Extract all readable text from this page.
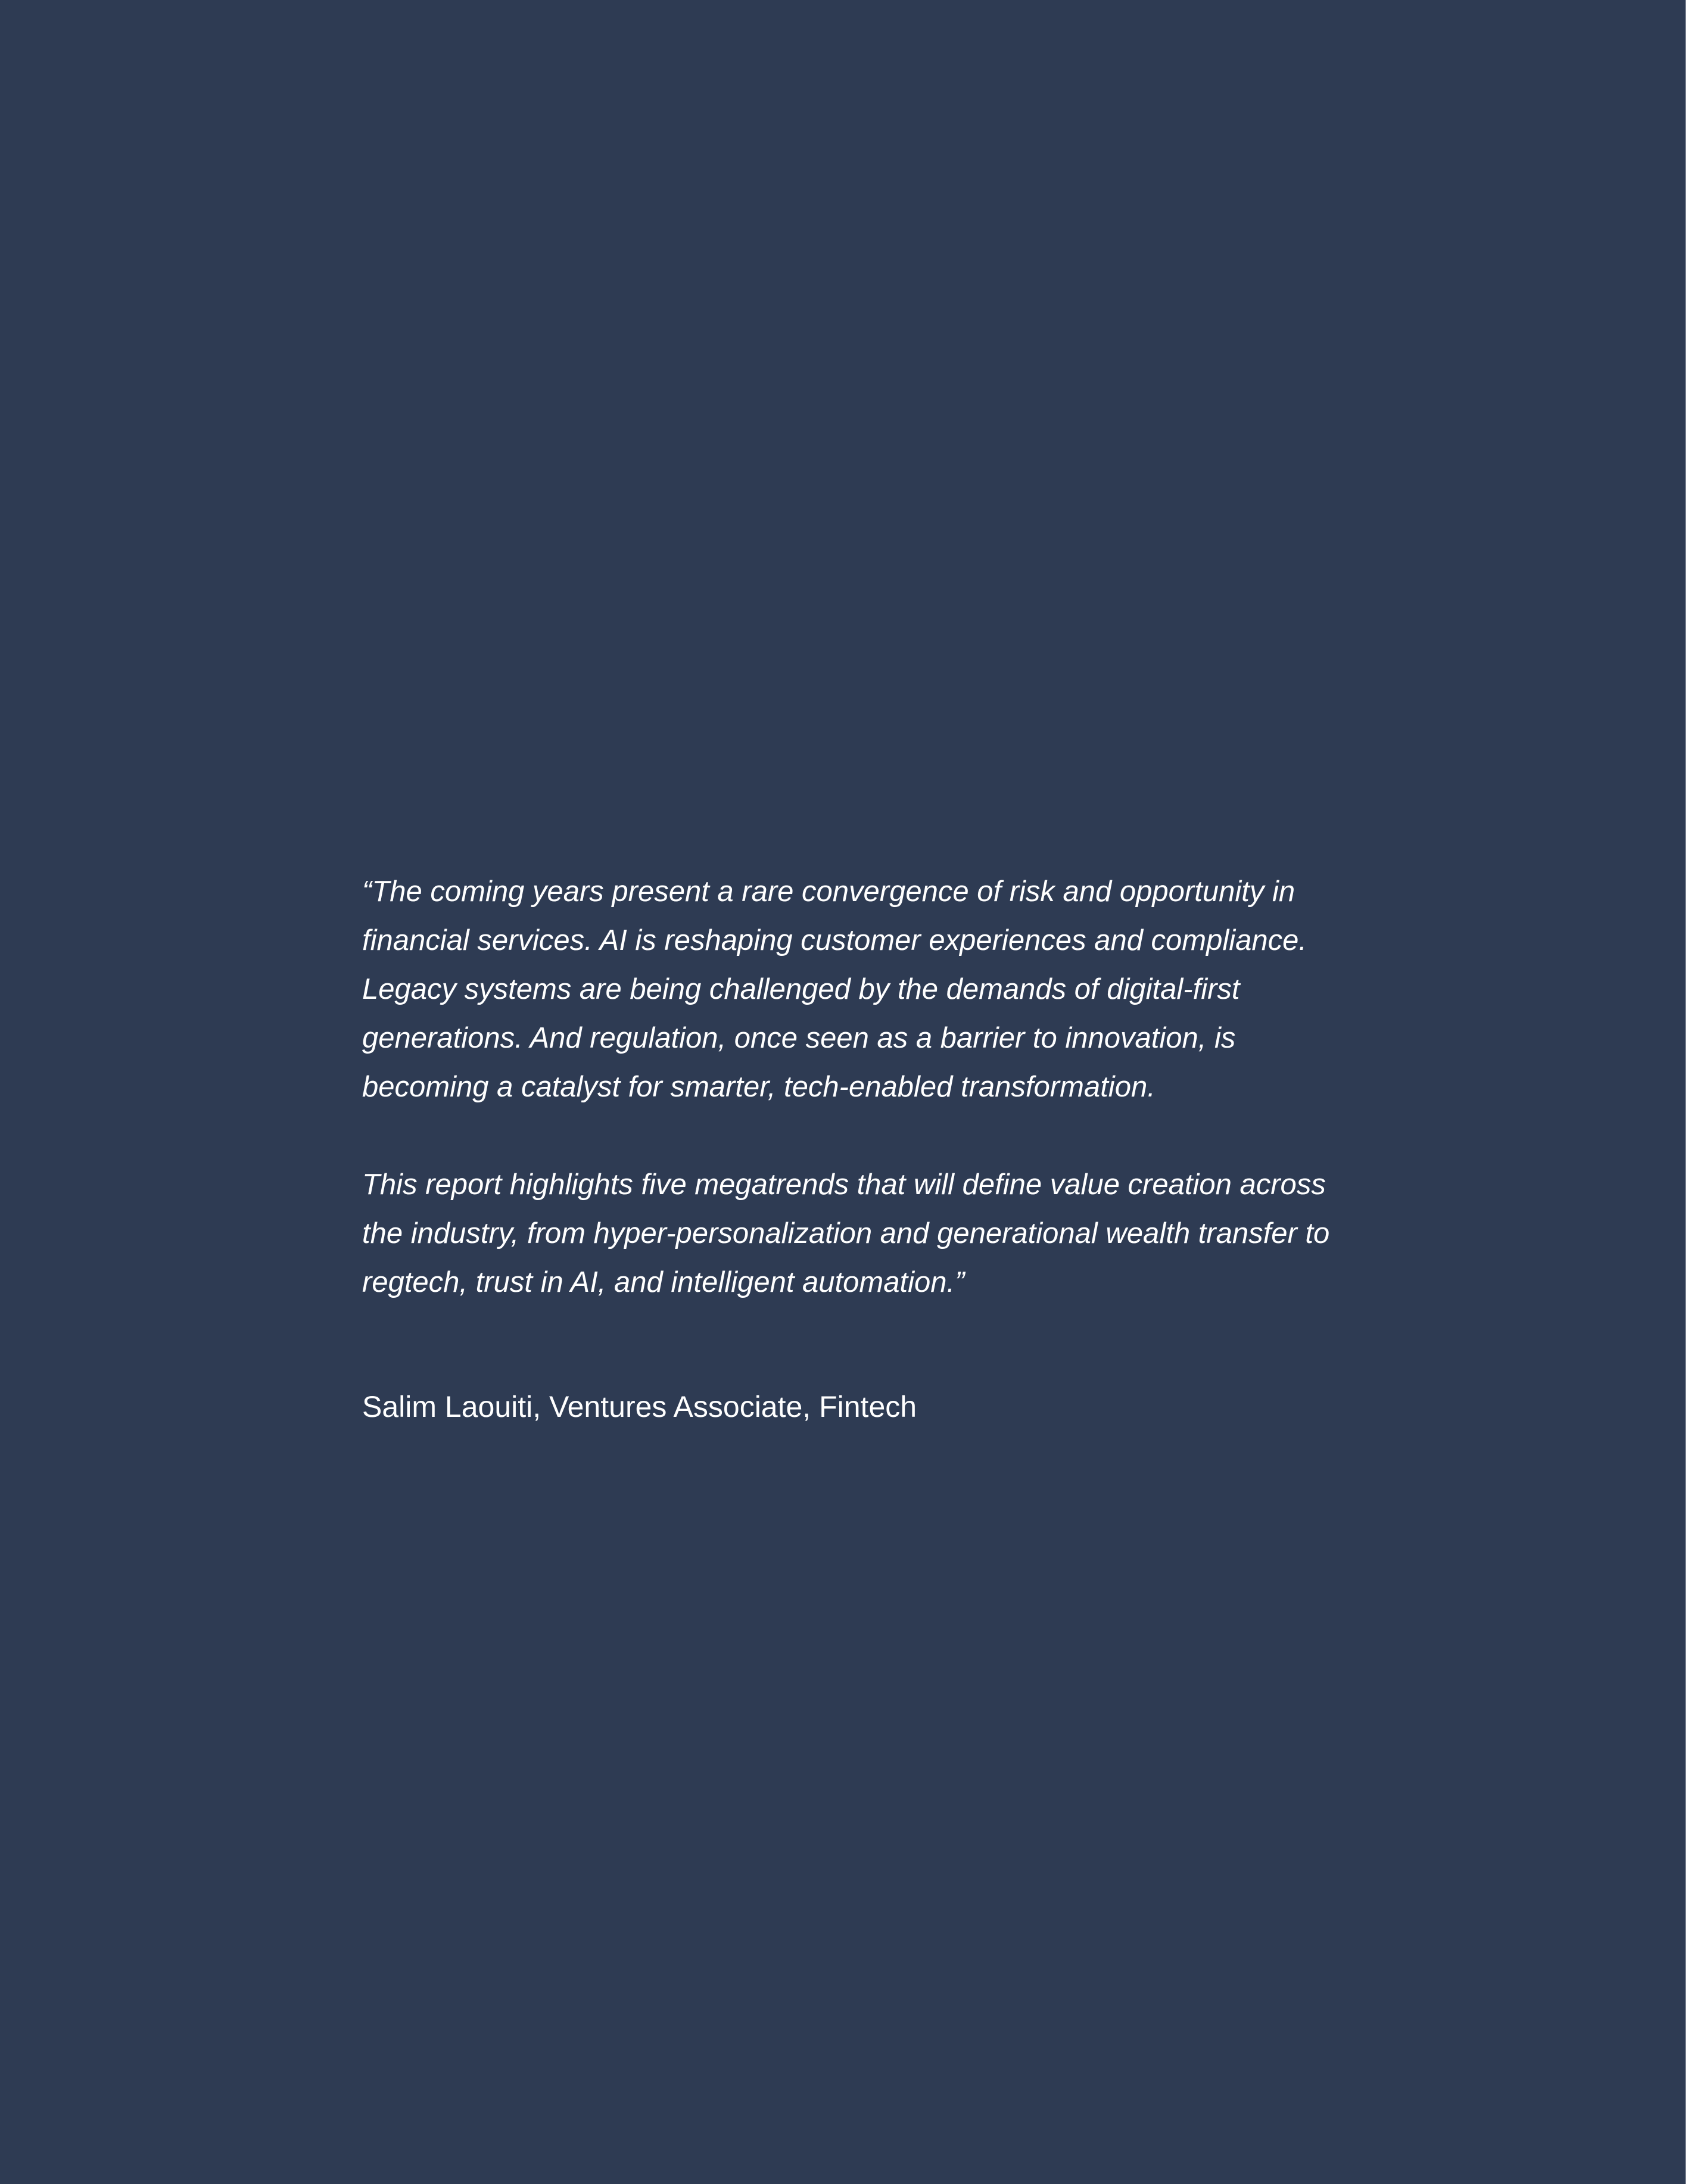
“The coming years present a rare convergence of risk and opportunity in financial services. AI is reshaping customer experiences and compliance. Legacy systems are being challenged by the demands of digital-first generations. And regulation, once seen as a barrier to innovation, is becoming a catalyst for smarter, tech-enabled transformation.

This report highlights five megatrends that will define value creation across the industry, from hyper-personalization and generational wealth transfer to regtech, trust in AI, and intelligent automation.”

Salim Laouiti, Ventures Associate, Fintech
